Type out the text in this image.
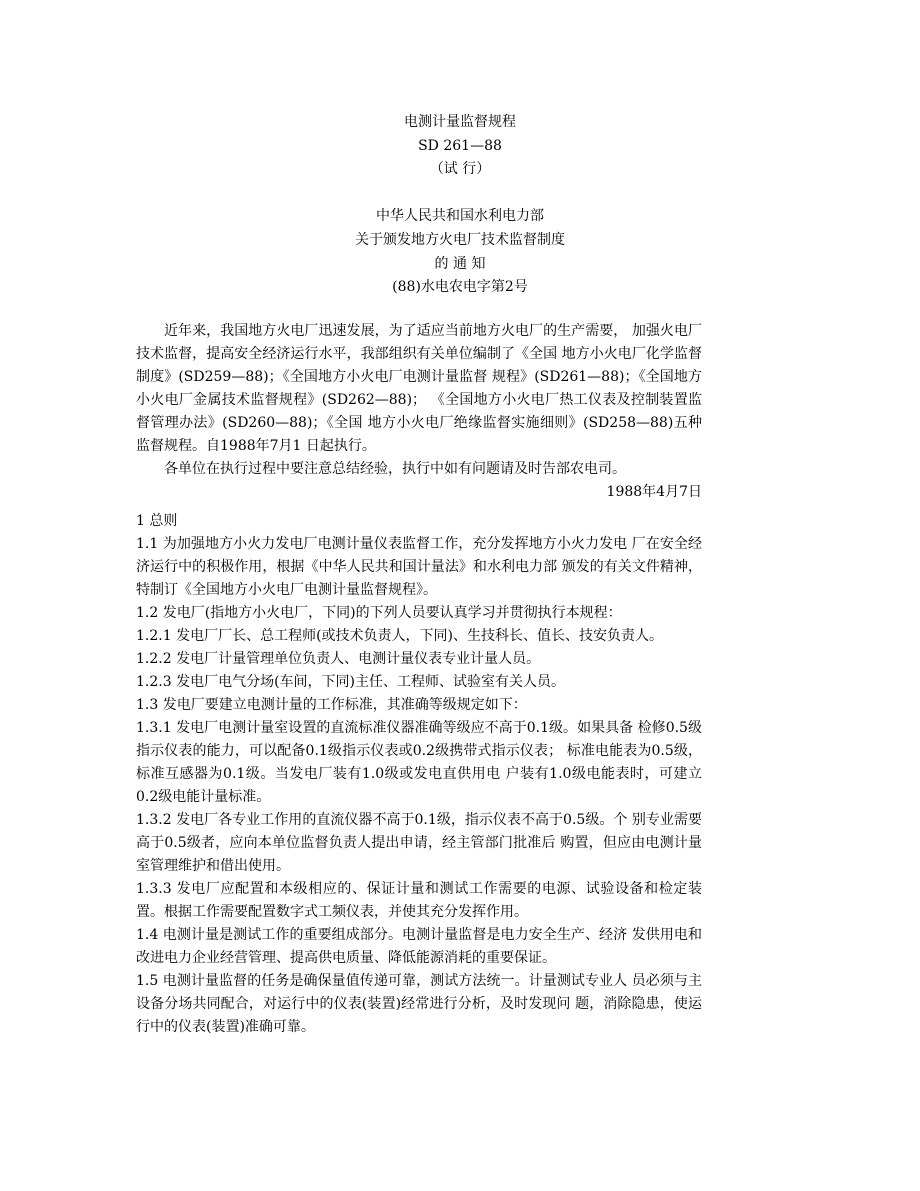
电测计量监督规程
SD 261—88
（试 行）
中华人民共和国水利电力部
关于颁发地方火电厂技术监督制度
的 通 知
(88)水电农电字第2号

近年来，我国地方火电厂迅速发展，为了适应当前地方火电厂的生产需要， 加强火电厂技术监督，提高安全经济运行水平，我部组织有关单位编制了《全国 地方小火电厂化学监督制度》(SD259—88)；《全国地方小火电厂电测计量监督 规程》(SD261—88)；《全国地方小火电厂金属技术监督规程》(SD262—88)； 《全国地方小火电厂热工仪表及控制装置监督管理办法》(SD260—88)；《全国 地方小火电厂绝缘监督实施细则》(SD258—88)五种监督规程。自1988年7月1 日起执行。

各单位在执行过程中要注意总结经验，执行中如有问题请及时告部农电司。

1988年4月7日

1 总则

1.1 为加强地方小火力发电厂电测计量仪表监督工作，充分发挥地方小火力发电 厂在安全经济运行中的积极作用，根据《中华人民共和国计量法》和水利电力部 颁发的有关文件精神，特制订《全国地方小火电厂电测计量监督规程》。

1.2 发电厂(指地方小火电厂，下同)的下列人员要认真学习并贯彻执行本规程：

1.2.1 发电厂厂长、总工程师(或技术负责人，下同)、生技科长、值长、技安负责人。

1.2.2 发电厂计量管理单位负责人、电测计量仪表专业计量人员。

1.2.3 发电厂电气分场(车间，下同)主任、工程师、试验室有关人员。

1.3 发电厂要建立电测计量的工作标准，其准确等级规定如下：

1.3.1 发电厂电测计量室设置的直流标准仪器准确等级应不高于0.1级。如果具备 检修0.5级指示仪表的能力，可以配备0.1级指示仪表或0.2级携带式指示仪表； 标准电能表为0.5级，标准互感器为0.1级。当发电厂装有1.0级或发电直供用电 户装有1.0级电能表时，可建立0.2级电能计量标准。

1.3.2 发电厂各专业工作用的直流仪器不高于0.1级，指示仪表不高于0.5级。个 别专业需要高于0.5级者，应向本单位监督负责人提出申请，经主管部门批准后 购置，但应由电测计量室管理维护和借出使用。

1.3.3 发电厂应配置和本级相应的、保证计量和测试工作需要的电源、试验设备和检定装置。根据工作需要配置数字式工频仪表，并使其充分发挥作用。

1.4 电测计量是测试工作的重要组成部分。电测计量监督是电力安全生产、经济 发供用电和改进电力企业经营管理、提高供电质量、降低能源消耗的重要保证。

1.5 电测计量监督的任务是确保量值传递可靠，测试方法统一。计量测试专业人 员必须与主设备分场共同配合，对运行中的仪表(装置)经常进行分析，及时发现问 题，消除隐患，使运行中的仪表(装置)准确可靠。
